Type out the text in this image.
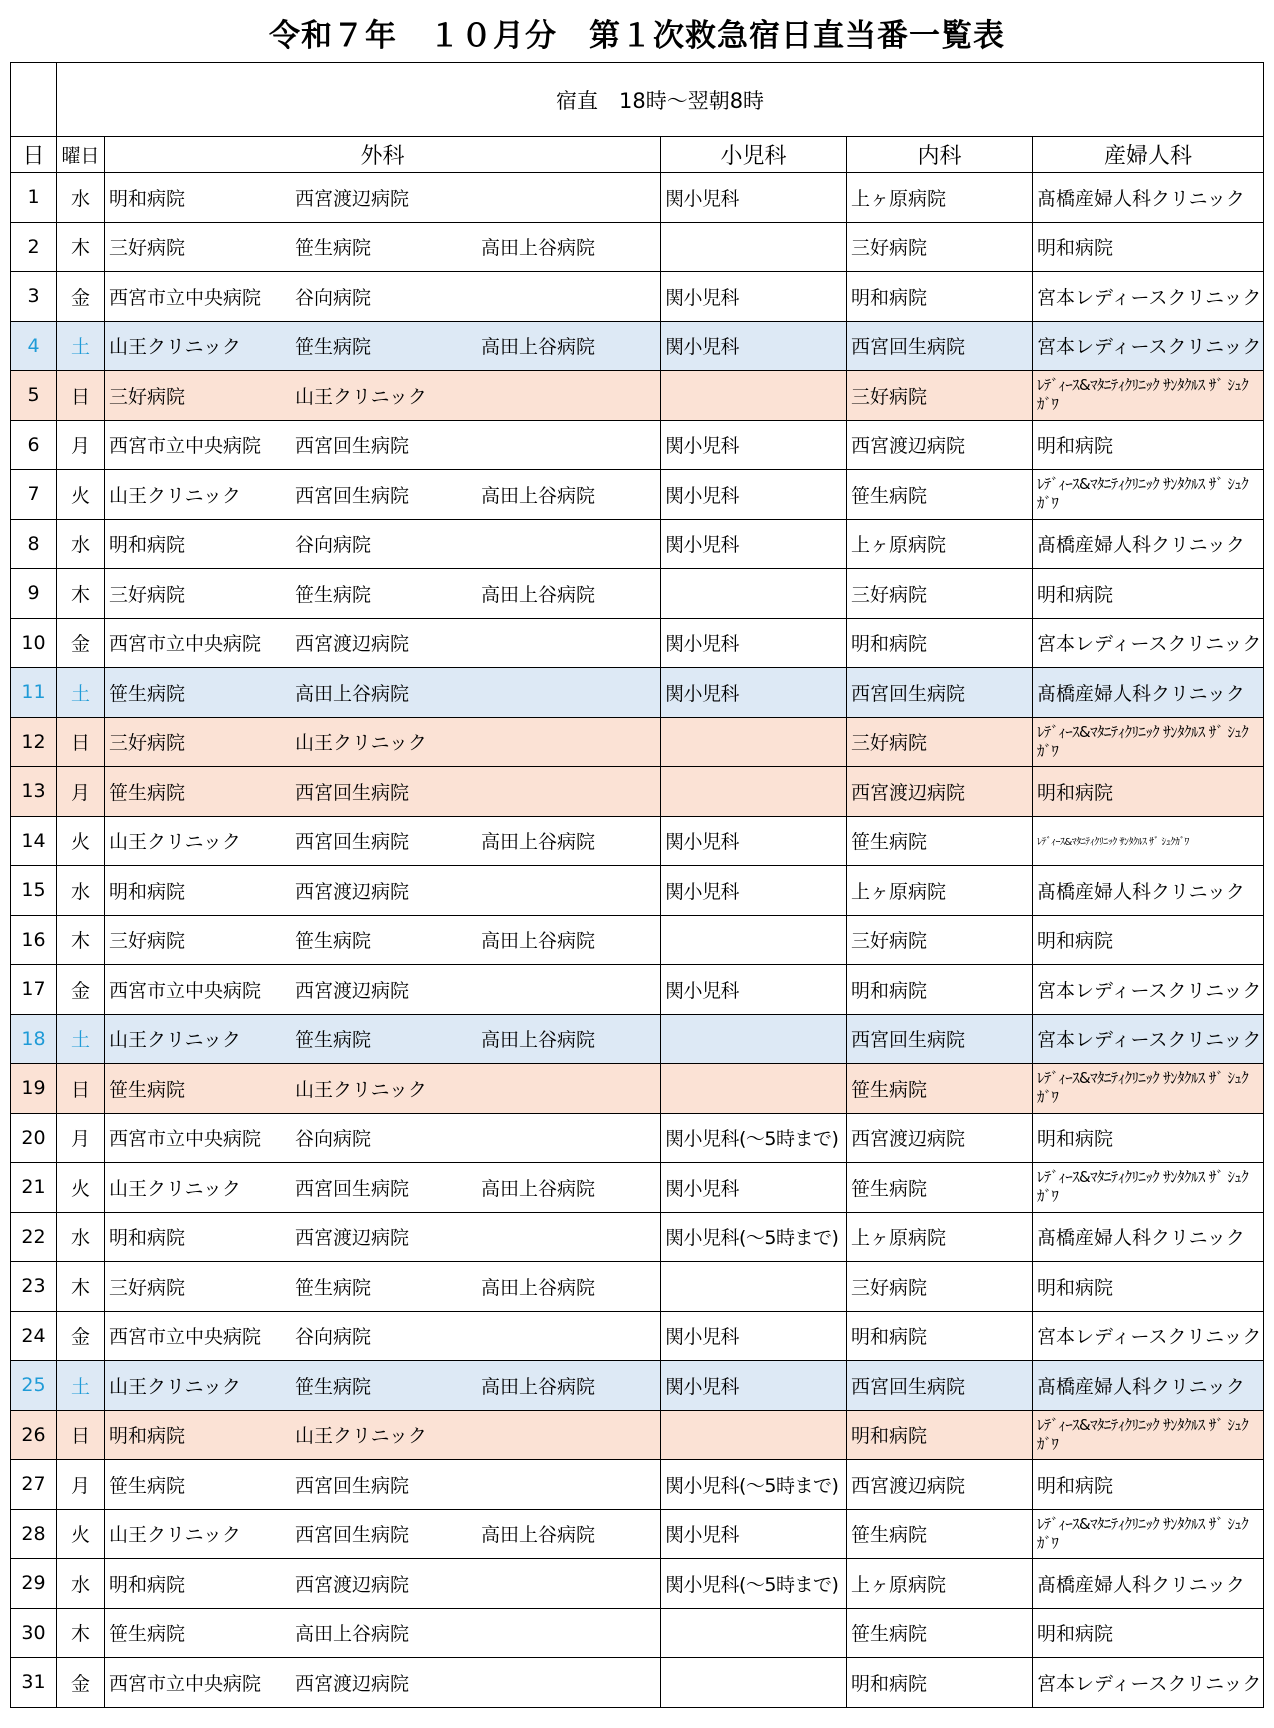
令和７年　１０月分　第１次救急宿日直当番一覧表
	宿直　18時～翌朝8時				
日	曜日	外科	小児科	内科	産婦人科
1	水	明和病院 西宮渡辺病院	関小児科	上ヶ原病院	髙橋産婦人科クリニック
2	木	三好病院 笹生病院 高田上谷病院		三好病院	明和病院
3	金	西宮市立中央病院 谷向病院	関小児科	明和病院	宮本レディースクリニック
4	土	山王クリニック 笹生病院 高田上谷病院	関小児科	西宮回生病院	宮本レディースクリニック
5	日	三好病院 山王クリニック		三好病院	ﾚﾃﾞｨｰｽ&ﾏﾀﾆﾃｨｸﾘﾆｯｸ ｻﾝﾀｸﾙｽ ｻﾞ ｼｭｸｶﾞﾜ
6	月	西宮市立中央病院 西宮回生病院	関小児科	西宮渡辺病院	明和病院
7	火	山王クリニック 西宮回生病院 高田上谷病院	関小児科	笹生病院	ﾚﾃﾞｨｰｽ&ﾏﾀﾆﾃｨｸﾘﾆｯｸ ｻﾝﾀｸﾙｽ ｻﾞ ｼｭｸｶﾞﾜ
8	水	明和病院 谷向病院	関小児科	上ヶ原病院	髙橋産婦人科クリニック
9	木	三好病院 笹生病院 高田上谷病院		三好病院	明和病院
10	金	西宮市立中央病院 西宮渡辺病院	関小児科	明和病院	宮本レディースクリニック
11	土	笹生病院 高田上谷病院	関小児科	西宮回生病院	髙橋産婦人科クリニック
12	日	三好病院 山王クリニック		三好病院	ﾚﾃﾞｨｰｽ&ﾏﾀﾆﾃｨｸﾘﾆｯｸ ｻﾝﾀｸﾙｽ ｻﾞ ｼｭｸｶﾞﾜ
13	月	笹生病院 西宮回生病院		西宮渡辺病院	明和病院
14	火	山王クリニック 西宮回生病院 高田上谷病院	関小児科	笹生病院	ﾚﾃﾞｨｰｽ&ﾏﾀﾆﾃｨｸﾘﾆｯｸ ｻﾝﾀｸﾙｽ ｻﾞ ｼｭｸｶﾞﾜ
15	水	明和病院 西宮渡辺病院	関小児科	上ヶ原病院	髙橋産婦人科クリニック
16	木	三好病院 笹生病院 高田上谷病院		三好病院	明和病院
17	金	西宮市立中央病院 西宮渡辺病院	関小児科	明和病院	宮本レディースクリニック
18	土	山王クリニック 笹生病院 高田上谷病院		西宮回生病院	宮本レディースクリニック
19	日	笹生病院 山王クリニック		笹生病院	ﾚﾃﾞｨｰｽ&ﾏﾀﾆﾃｨｸﾘﾆｯｸ ｻﾝﾀｸﾙｽ ｻﾞ ｼｭｸｶﾞﾜ
20	月	西宮市立中央病院 谷向病院	関小児科(～5時まで)	西宮渡辺病院	明和病院
21	火	山王クリニック 西宮回生病院 高田上谷病院	関小児科	笹生病院	ﾚﾃﾞｨｰｽ&ﾏﾀﾆﾃｨｸﾘﾆｯｸ ｻﾝﾀｸﾙｽ ｻﾞ ｼｭｸｶﾞﾜ
22	水	明和病院 西宮渡辺病院	関小児科(～5時まで)	上ヶ原病院	髙橋産婦人科クリニック
23	木	三好病院 笹生病院 高田上谷病院		三好病院	明和病院
24	金	西宮市立中央病院 谷向病院	関小児科	明和病院	宮本レディースクリニック
25	土	山王クリニック 笹生病院 高田上谷病院	関小児科	西宮回生病院	髙橋産婦人科クリニック
26	日	明和病院 山王クリニック		明和病院	ﾚﾃﾞｨｰｽ&ﾏﾀﾆﾃｨｸﾘﾆｯｸ ｻﾝﾀｸﾙｽ ｻﾞ ｼｭｸｶﾞﾜ
27	月	笹生病院 西宮回生病院	関小児科(～5時まで)	西宮渡辺病院	明和病院
28	火	山王クリニック 西宮回生病院 高田上谷病院	関小児科	笹生病院	ﾚﾃﾞｨｰｽ&ﾏﾀﾆﾃｨｸﾘﾆｯｸ ｻﾝﾀｸﾙｽ ｻﾞ ｼｭｸｶﾞﾜ
29	水	明和病院 西宮渡辺病院	関小児科(～5時まで)	上ヶ原病院	髙橋産婦人科クリニック
30	木	笹生病院 高田上谷病院		笹生病院	明和病院
31	金	西宮市立中央病院 西宮渡辺病院		明和病院	宮本レディースクリニック
